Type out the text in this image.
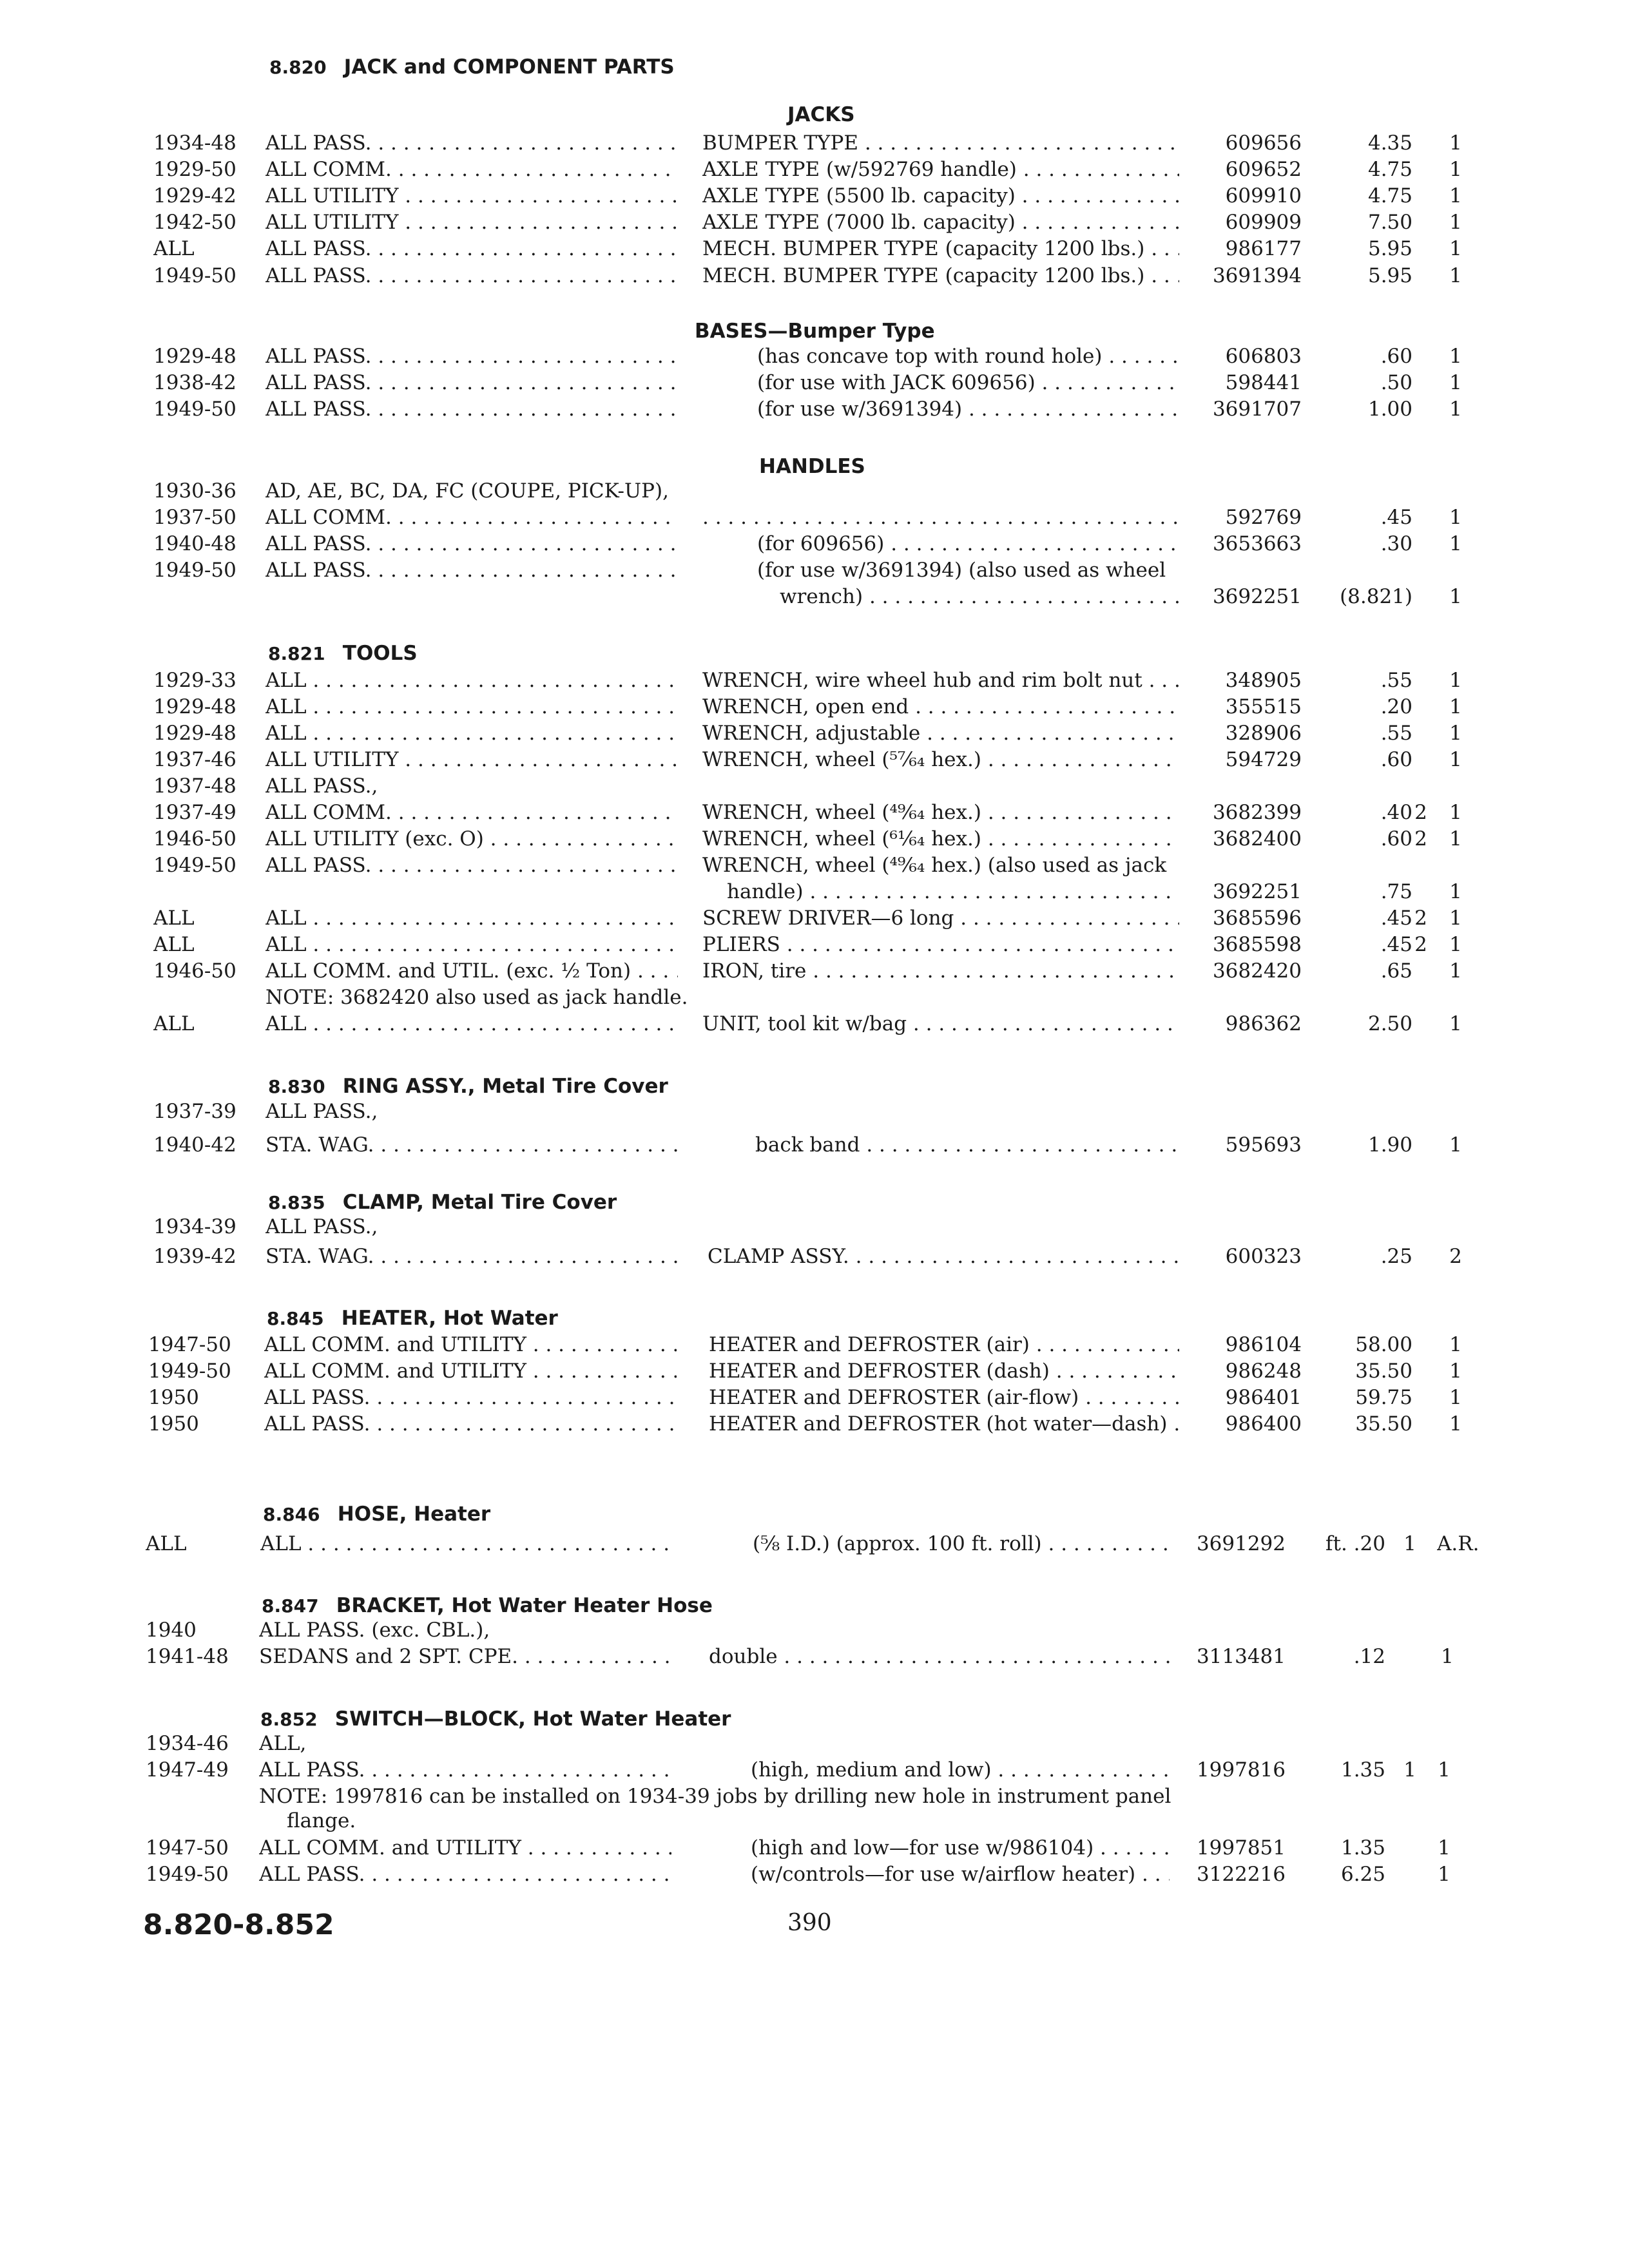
8.820 JACK and COMPONENT PARTS
JACKS
1934-48	ALL PASS. . . .	BUMPER TYPE . . .	609656	4.35 1
1929-50	ALL COMM. . . .	AXLE TYPE (w/592769 handle) . . .	609652	4.75 1
1929-42	ALL UTILITY . . .	AXLE TYPE (5500 lb. capacity) . . .	609910	4.75 1
1942-50	ALL UTILITY . . .	AXLE TYPE (7000 lb. capacity) . . .	609909	7.50 1
ALL	ALL PASS. . . .	MECH. BUMPER TYPE (capacity 1200 lbs.) . . .	986177	5.95 1
1949-50	ALL PASS. . . .	MECH. BUMPER TYPE (capacity 1200 lbs.) . . .	3691394	5.95 1
BASES—Bumper Type
1929-48	ALL PASS. . . .	(has concave top with round hole) . . .	606803	.60 1
1938-42	ALL PASS. . . .	(for use with JACK 609656) . . .	598441	.50 1
1949-50	ALL PASS. . . .	(for use w/3691394) . . .	3691707	1.00 1
HANDLES
1930-36	AD, AE, BC, DA, FC (COUPE, PICK-UP),
1937-50	ALL COMM. . . .
. . .	592769	.45 1
1940-48	ALL PASS. . . .	(for 609656) . . .	3653663	.30 1
1949-50	ALL PASS. . . .	(for use w/3691394) (also used as wheel
wrench) . . .	3692251	(8.821) 1
8.821 TOOLS
1929-33	ALL . . .	WRENCH, wire wheel hub and rim bolt nut . . .	348905	.55 1
1929-48	ALL . . .	WRENCH, open end . . .	355515	.20 1
1929-48	ALL . . .	WRENCH, adjustable . . .	328906	.55 1
1937-46	ALL UTILITY . . .	WRENCH, wheel (⁵⁷⁄₆₄ hex.) . . .	594729	.60 1
1937-48	ALL PASS.,
1937-49	ALL COMM. . . .	WRENCH, wheel (⁴⁹⁄₆₄ hex.) . . .	3682399	.40 2	1
1946-50	ALL UTILITY (exc. O) . . .	WRENCH, wheel (⁶¹⁄₆₄ hex.) . . .	3682400	.60 2	1
1949-50	ALL PASS. . . .	WRENCH, wheel (⁴⁹⁄₆₄ hex.) (also used as jack
handle) . . .	3692251	.75 1
ALL	ALL . . .	SCREW DRIVER—6 long . . .	3685596	.45 2	1
ALL	ALL . . .	PLIERS . . .	3685598	.45 2	1
1946-50	ALL COMM. and UTIL. (exc. ½ Ton) . . .	IRON, tire . . .	3682420	.65 1
NOTE: 3682420 also used as jack handle.
ALL	ALL . . .	UNIT, tool kit w/bag . . .	986362	2.50 1
8.830 RING ASSY., Metal Tire Cover
1937-39	ALL PASS.,
1940-42	STA. WAG. . . .	back band . . .	595693	1.90 1
8.835 CLAMP, Metal Tire Cover
1934-39	ALL PASS.,
1939-42	STA. WAG. . . .	CLAMP ASSY. . . .	600323	.25 2
8.845 HEATER, Hot Water
1947-50	ALL COMM. and UTILITY . . .	HEATER and DEFROSTER (air) . . .	986104	58.00 1
1949-50	ALL COMM. and UTILITY . . .	HEATER and DEFROSTER (dash) . . .	986248	35.50 1
1950	ALL PASS. . . .	HEATER and DEFROSTER (air-flow) . . .	986401	59.75 1
1950	ALL PASS. . . .	HEATER and DEFROSTER (hot water—dash) . . .	986400	35.50 1
8.846 HOSE, Heater
ALL	ALL . . .	(⅝ I.D.) (approx. 100 ft. roll) . . .	3691292	ft. .20 1	A.R.
8.847 BRACKET, Hot Water Heater Hose
1940	ALL PASS. (exc. CBL.),
1941-48	SEDANS and 2 SPT. CPE. . . .	double . . .	3113481	.12	1
8.852 SWITCH—BLOCK, Hot Water Heater
1934-46	ALL,
1947-49	ALL PASS. . . .	(high, medium and low) . . .	1997816	1.35 1	1
NOTE: 1997816 can be installed on 1934-39 jobs by drilling new hole in instrument panel
flange.
1947-50	ALL COMM. and UTILITY . . .	(high and low—for use w/986104) . . .	1997851	1.35	1
1949-50	ALL PASS. . . .	(w/controls—for use w/airflow heater) . . .	3122216	6.25	1
8.820-8.852	390
